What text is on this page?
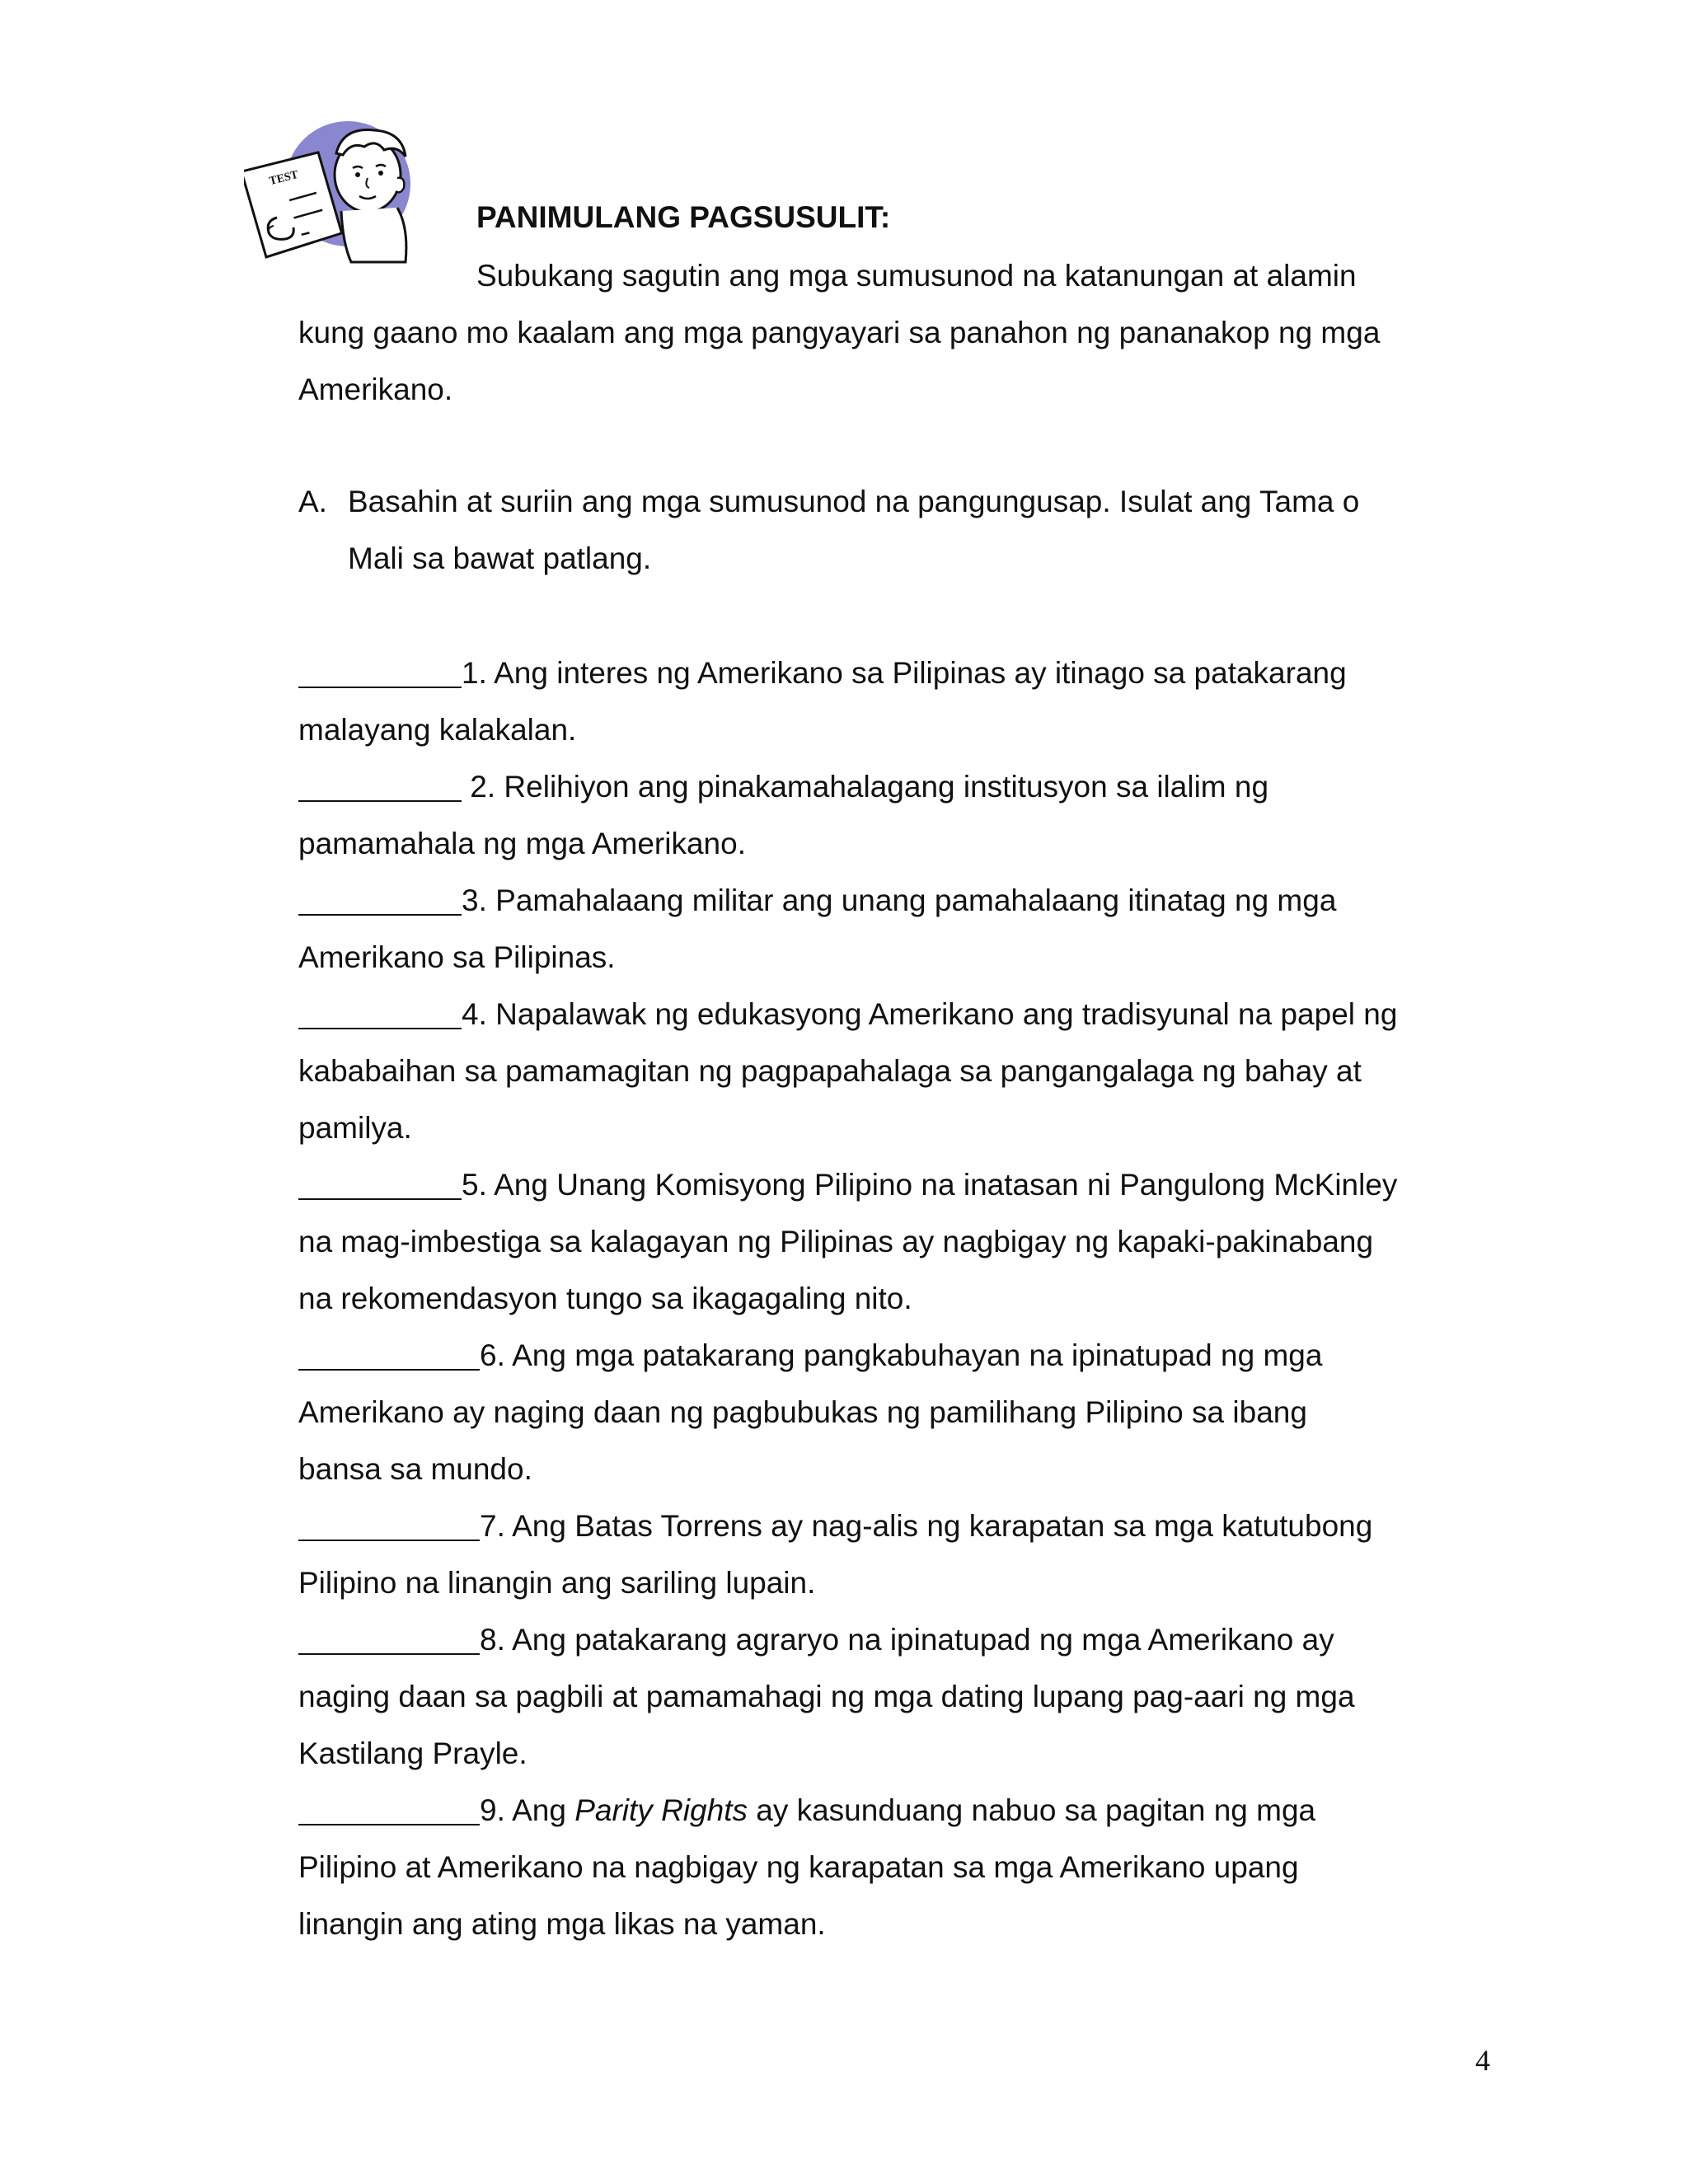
TEST
PANIMULANG PAGSUSULIT:
Subukang sagutin ang mga sumusunod na katanungan at alamin
kung gaano mo kaalam ang mga pangyayari sa panahon ng pananakop ng mga
Amerikano.
A. Basahin at suriin ang mga sumusunod na pangungusap. Isulat ang Tama o
Mali sa bawat patlang.
1. Ang interes ng Amerikano sa Pilipinas ay itinago sa patakarang
malayang kalakalan.
2. Relihiyon ang pinakamahalagang institusyon sa ilalim ng
pamamahala ng mga Amerikano.
3. Pamahalaang militar ang unang pamahalaang itinatag ng mga
Amerikano sa Pilipinas.
4. Napalawak ng edukasyong Amerikano ang tradisyunal na papel ng
kababaihan sa pamamagitan ng pagpapahalaga sa pangangalaga ng bahay at
pamilya.
5. Ang Unang Komisyong Pilipino na inatasan ni Pangulong McKinley
na mag-imbestiga sa kalagayan ng Pilipinas ay nagbigay ng kapaki-pakinabang
na rekomendasyon tungo sa ikagagaling nito.
6. Ang mga patakarang pangkabuhayan na ipinatupad ng mga
Amerikano ay naging daan ng pagbubukas ng pamilihang Pilipino sa ibang
bansa sa mundo.
7. Ang Batas Torrens ay nag-alis ng karapatan sa mga katutubong
Pilipino na linangin ang sariling lupain.
8. Ang patakarang agraryo na ipinatupad ng mga Amerikano ay
naging daan sa pagbili at pamamahagi ng mga dating lupang pag-aari ng mga
Kastilang Prayle.
9. Ang Parity Rights ay kasunduang nabuo sa pagitan ng mga
Pilipino at Amerikano na nagbigay ng karapatan sa mga Amerikano upang
linangin ang ating mga likas na yaman.
4
